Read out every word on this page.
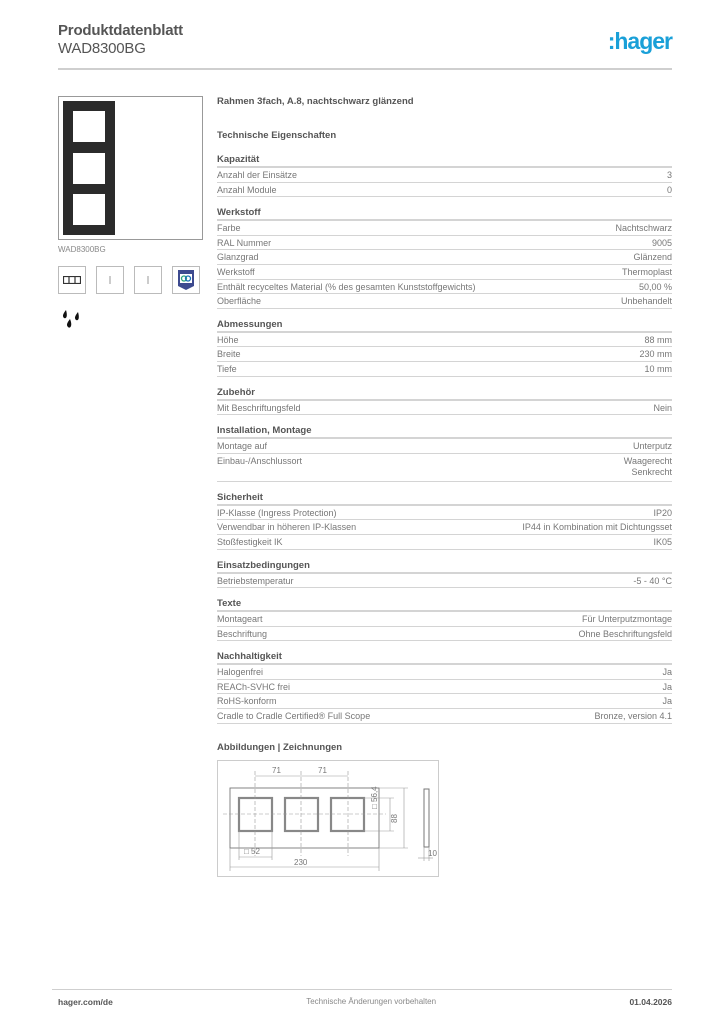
Produktdatenblatt
WAD8300BG	:hager
WAD8300BG
Rahmen 3fach, A.8, nachtschwarz glänzend
Technische Eigenschaften
Kapazität
Anzahl der Einsätze	3
Anzahl Module	0
Werkstoff
Farbe	Nachtschwarz
RAL Nummer	9005
Glanzgrad	Glänzend
Werkstoff	Thermoplast
Enthält recyceltes Material (% des gesamten Kunststoffgewichts)	50,00 %
Oberfläche	Unbehandelt
Abmessungen
Höhe	88 mm
Breite	230 mm
Tiefe	10 mm
Zubehör
Mit Beschriftungsfeld	Nein
Installation, Montage
Montage auf	Unterputz
Einbau-/Anschlussort	Waagerecht
Senkrecht
Sicherheit
IP-Klasse (Ingress Protection)	IP20
Verwendbar in höheren IP-Klassen	IP44 in Kombination mit Dichtungsset
Stoßfestigkeit IK	IK05
Einsatzbedingungen
Betriebstemperatur	-5 - 40 °C
Texte
Montageart	Für Unterputzmontage
Beschriftung	Ohne Beschriftungsfeld
Nachhaltigkeit
Halogenfrei	Ja
REACh-SVHC frei	Ja
RoHS-konform	Ja
Cradle to Cradle Certified® Full Scope	Bronze, version 4.1
Abbildungen | Zeichnungen
71	71
□ 52
230
□ 56,4
88
10
hager.com/de	Technische Änderungen vorbehalten	01.04.2026
